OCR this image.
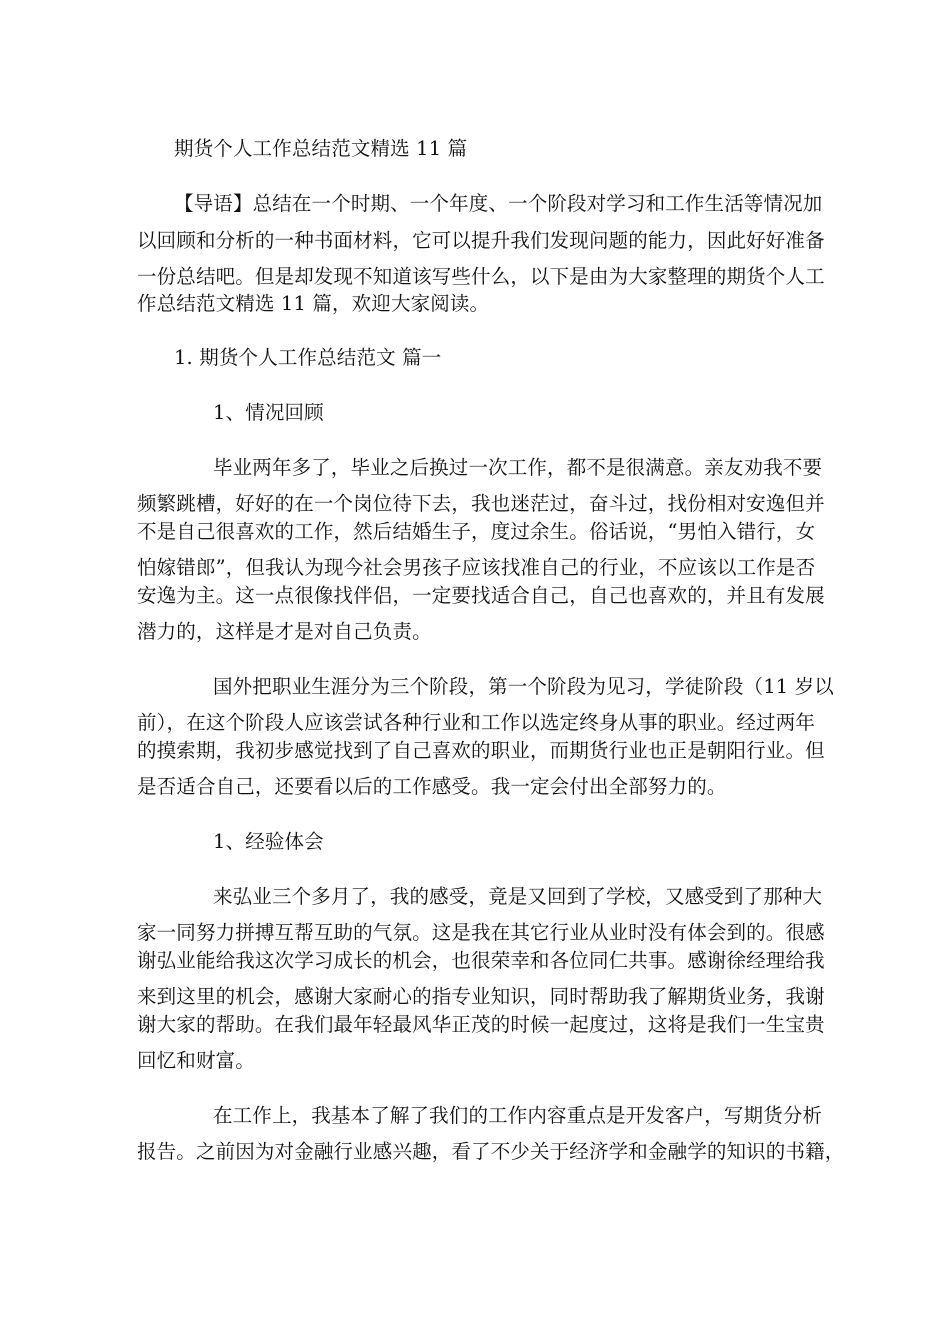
期货个人工作总结范文精选 11 篇
【导语】总结在一个时期、一个年度、一个阶段对学习和工作生活等情况加
以回顾和分析的一种书面材料，它可以提升我们发现问题的能力，因此好好准备
一份总结吧。但是却发现不知道该写些什么，以下是由为大家整理的期货个人工
作总结范文精选 11 篇，欢迎大家阅读。
1. 期货个人工作总结范文 篇一
1、情况回顾
毕业两年多了，毕业之后换过一次工作，都不是很满意。亲友劝我不要
频繁跳槽，好好的在一个岗位待下去，我也迷茫过，奋斗过，找份相对安逸但并
不是自己很喜欢的工作，然后结婚生子，度过余生。俗话说，“男怕入错行，女
怕嫁错郎”，但我认为现今社会男孩子应该找准自己的行业，不应该以工作是否
安逸为主。这一点很像找伴侣，一定要找适合自己，自己也喜欢的，并且有发展
潜力的，这样是才是对自己负责。
国外把职业生涯分为三个阶段，第一个阶段为见习，学徒阶段（11 岁以
前），在这个阶段人应该尝试各种行业和工作以选定终身从事的职业。经过两年
的摸索期，我初步感觉找到了自己喜欢的职业，而期货行业也正是朝阳行业。但
是否适合自己，还要看以后的工作感受。我一定会付出全部努力的。
1、经验体会
来弘业三个多月了，我的感受，竟是又回到了学校，又感受到了那种大
家一同努力拼搏互帮互助的气氛。这是我在其它行业从业时没有体会到的。很感
谢弘业能给我这次学习成长的机会，也很荣幸和各位同仁共事。感谢徐经理给我
来到这里的机会，感谢大家耐心的指专业知识，同时帮助我了解期货业务，我谢
谢大家的帮助。在我们最年轻最风华正茂的时候一起度过，这将是我们一生宝贵
回忆和财富。
在工作上，我基本了解了我们的工作内容重点是开发客户，写期货分析
报告。之前因为对金融行业感兴趣，看了不少关于经济学和金融学的知识的书籍，
